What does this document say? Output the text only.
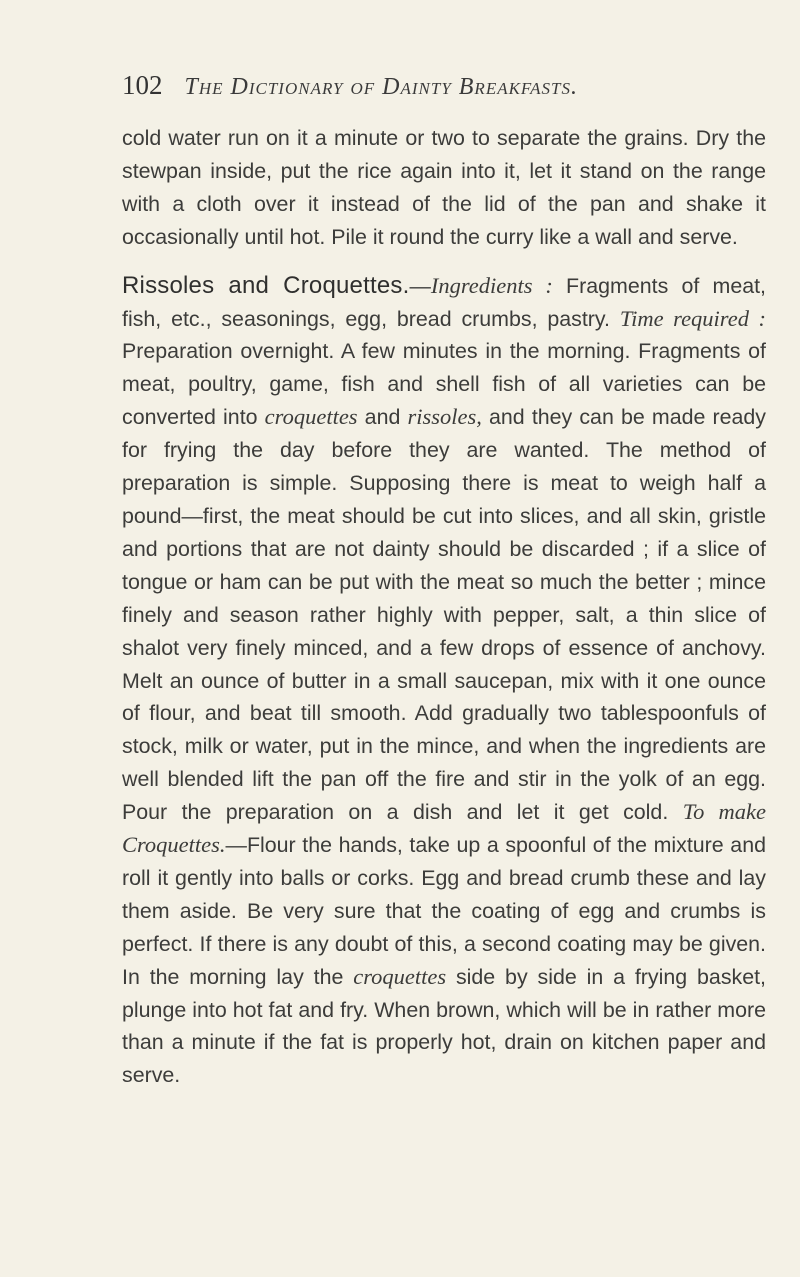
102 The Dictionary of Dainty Breakfasts.

cold water run on it a minute or two to separate the grains. Dry the stewpan inside, put the rice again into it, let it stand on the range with a cloth over it instead of the lid of the pan and shake it occasionally until hot. Pile it round the curry like a wall and serve.

Rissoles and Croquettes.—Ingredients : Fragments of meat, fish, etc., seasonings, egg, bread crumbs, pastry. Time required : Preparation overnight. A few minutes in the morning. Fragments of meat, poultry, game, fish and shell fish of all varieties can be converted into croquettes and rissoles, and they can be made ready for frying the day before they are wanted. The method of preparation is simple. Supposing there is meat to weigh half a pound—first, the meat should be cut into slices, and all skin, gristle and portions that are not dainty should be discarded ; if a slice of tongue or ham can be put with the meat so much the better ; mince finely and season rather highly with pepper, salt, a thin slice of shalot very finely minced, and a few drops of essence of anchovy. Melt an ounce of butter in a small saucepan, mix with it one ounce of flour, and beat till smooth. Add gradually two tablespoonfuls of stock, milk or water, put in the mince, and when the ingredients are well blended lift the pan off the fire and stir in the yolk of an egg. Pour the preparation on a dish and let it get cold. To make Croquettes.—Flour the hands, take up a spoonful of the mixture and roll it gently into balls or corks. Egg and bread crumb these and lay them aside. Be very sure that the coating of egg and crumbs is perfect. If there is any doubt of this, a second coating may be given. In the morning lay the croquettes side by side in a frying basket, plunge into hot fat and fry. When brown, which will be in rather more than a minute if the fat is properly hot, drain on kitchen paper and serve.
